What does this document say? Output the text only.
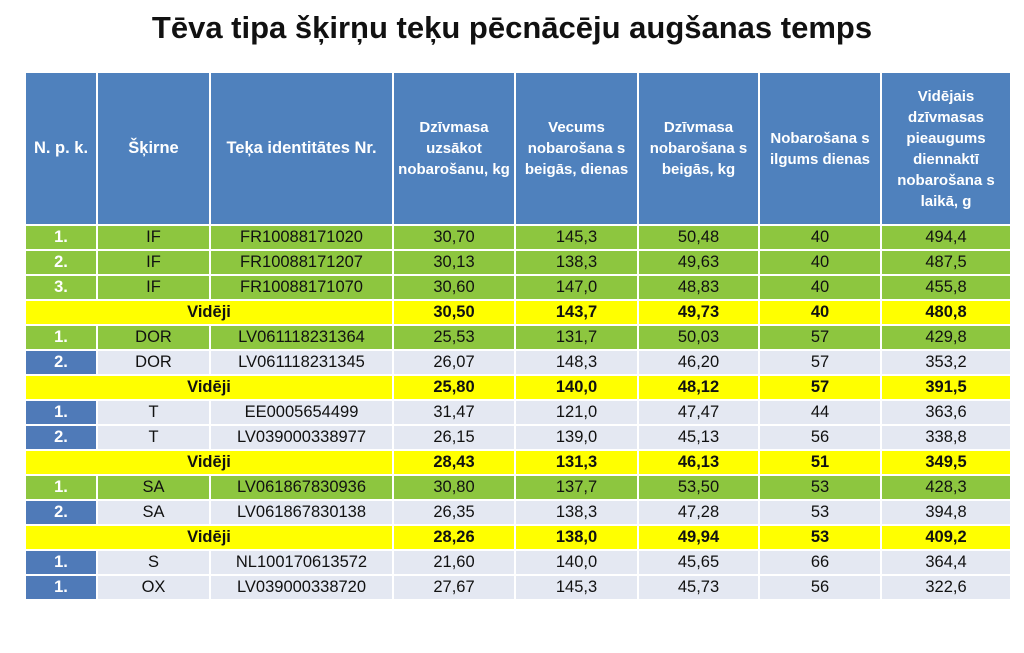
Tēva tipa šķirņu teķu pēcnācēju augšanas temps
N. p. k.	Šķirne	Teķa identitātes Nr.	Dzīvmasa uzsākot nobarošanu, kg	Vecums nobarošana s beigās, dienas	Dzīvmasa nobarošana s beigās, kg	Nobarošana s ilgums dienas	Vidējais dzīvmasas pieaugums diennaktī nobarošana s laikā, g
1.	IF	FR10088171020	30,70	145,3	50,48	40	494,4
2.	IF	FR10088171207	30,13	138,3	49,63	40	487,5
3.	IF	FR10088171070	30,60	147,0	48,83	40	455,8
Vidēji			30,50	143,7	49,73	40	480,8
1.	DOR	LV061118231364	25,53	131,7	50,03	57	429,8
2.	DOR	LV061118231345	26,07	148,3	46,20	57	353,2
Vidēji			25,80	140,0	48,12	57	391,5
1.	T	EE0005654499	31,47	121,0	47,47	44	363,6
2.	T	LV039000338977	26,15	139,0	45,13	56	338,8
Vidēji			28,43	131,3	46,13	51	349,5
1.	SA	LV061867830936	30,80	137,7	53,50	53	428,3
2.	SA	LV061867830138	26,35	138,3	47,28	53	394,8
Vidēji			28,26	138,0	49,94	53	409,2
1.	S	NL100170613572	21,60	140,0	45,65	66	364,4
1.	OX	LV039000338720	27,67	145,3	45,73	56	322,6
